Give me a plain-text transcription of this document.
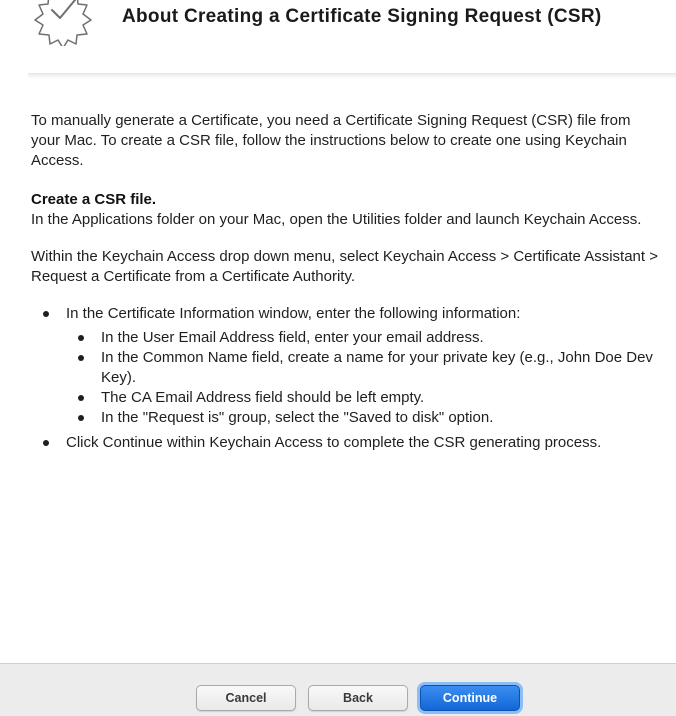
About Creating a Certificate Signing Request (CSR)

To manually generate a Certificate, you need a Certificate Signing Request (CSR) file from your Mac. To create a CSR file, follow the instructions below to create one using Keychain Access.

Create a CSR file.

In the Applications folder on your Mac, open the Utilities folder and launch Keychain Access.

Within the Keychain Access drop down menu, select Keychain Access > Certificate Assistant > Request a Certificate from a Certificate Authority.

In the Certificate Information window, enter the following information:
In the User Email Address field, enter your email address.
In the Common Name field, create a name for your private key (e.g., John Doe Dev Key).
The CA Email Address field should be left empty.
In the "Request is" group, select the "Saved to disk" option.
Click Continue within Keychain Access to complete the CSR generating process.
Cancel	Back	Continue
